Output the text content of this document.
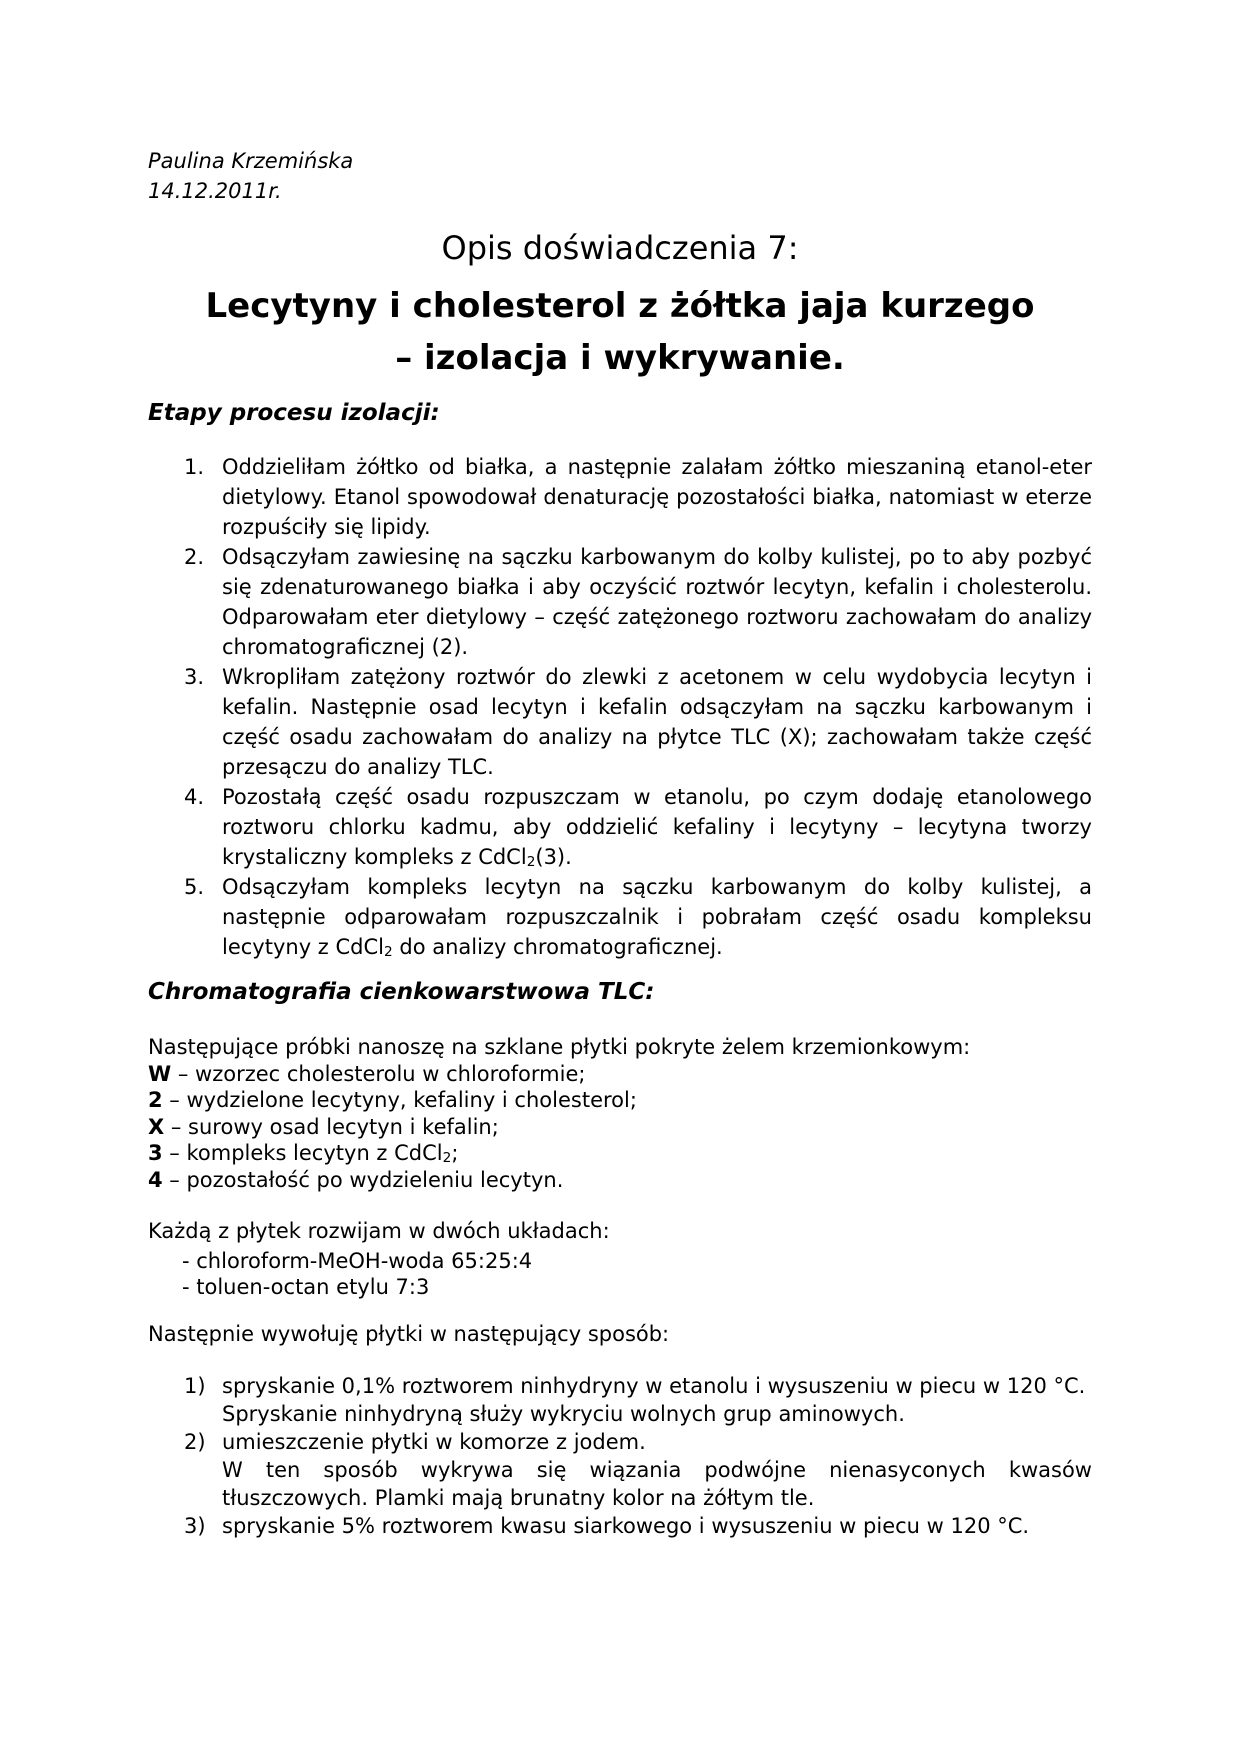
Paulina Krzemińska
14.12.2011r.
Opis doświadczenia 7:
Lecytyny i cholesterol z żółtka jaja kurzego
– izolacja i wykrywanie.
Etapy procesu izolacji:
1. Oddzieliłam żółtko od białka, a następnie zalałam żółtko mieszaniną etanol-eter dietylowy. Etanol spowodował denaturację pozostałości białka, natomiast w eterze rozpuściły się lipidy.
2. Odsączyłam zawiesinę na sączku karbowanym do kolby kulistej, po to aby pozbyć się zdenaturowanego białka i aby oczyścić roztwór lecytyn, kefalin i cholesterolu. Odparowałam eter dietylowy – część zatężonego roztworu zachowałam do analizy chromatograficznej (2).
3. Wkropliłam zatężony roztwór do zlewki z acetonem w celu wydobycia lecytyn i kefalin. Następnie osad lecytyn i kefalin odsączyłam na sączku karbowanym i część osadu zachowałam do analizy na płytce TLC (X); zachowałam także część przesączu do analizy TLC.
4. Pozostałą część osadu rozpuszczam w etanolu, po czym dodaję etanolowego roztworu chlorku kadmu, aby oddzielić kefaliny i lecytyny – lecytyna tworzy krystaliczny kompleks z CdCl$_2$(3).
5. Odsączyłam kompleks lecytyn na sączku karbowanym do kolby kulistej, a następnie odparowałam rozpuszczalnik i pobrałam część osadu kompleksu lecytyny z CdCl$_2$ do analizy chromatograficznej.
Chromatografia cienkowarstwowa TLC:
Następujące próbki nanoszę na szklane płytki pokryte żelem krzemionkowym:
W – wzorzec cholesterolu w chloroformie;
2 – wydzielone lecytyny, kefaliny i cholesterol;
X – surowy osad lecytyn i kefalin;
3 – kompleks lecytyn z CdCl$_2$;
4 – pozostałość po wydzieleniu lecytyn.
Każdą z płytek rozwijam w dwóch układach:
- chloroform-MeOH-woda 65:25:4
- toluen-octan etylu 7:3
Następnie wywołuję płytki w następujący sposób:
1) spryskanie 0,1% roztworem ninhydryny w etanolu i wysuszeniu w piecu w 120 °C.
Spryskanie ninhydryną służy wykryciu wolnych grup aminowych.
2) umieszczenie płytki w komorze z jodem.
W ten sposób wykrywa się wiązania podwójne nienasyconych kwasów tłuszczowych. Plamki mają brunatny kolor na żółtym tle.
3) spryskanie 5% roztworem kwasu siarkowego i wysuszeniu w piecu w 120 °C.
